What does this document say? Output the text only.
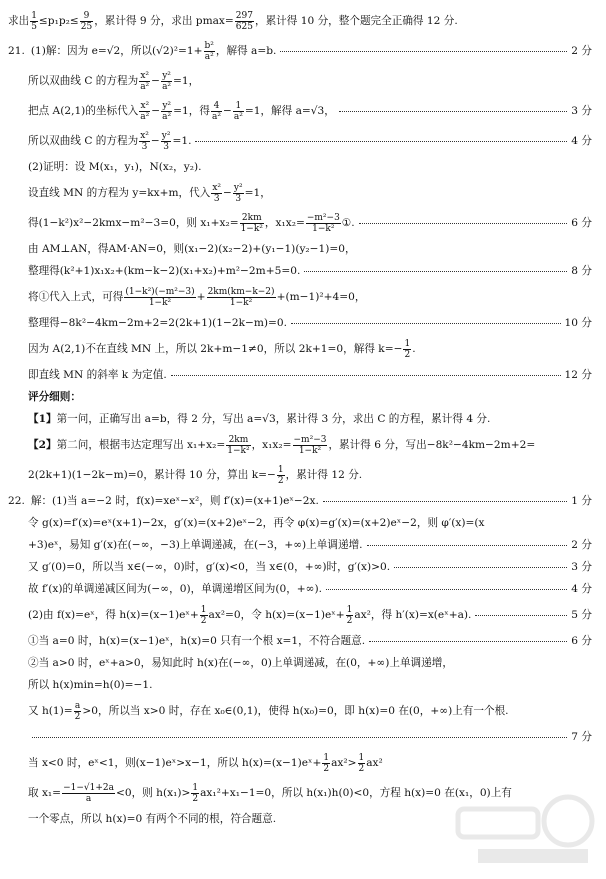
求出 $\frac{1}{5} \le p_1p_2\le \frac{9}{25}$ ，累计得 9 分，求出 p $\max = \frac{297}{625}$ ，累计得 10 分，整个题完全正确得 12 分.
21. (1)解：因为 e=√2，所以$(√2)^2=1+ \frac{\text{b²}}{\text{a²}}$ ，解得 a=b.	2 分
所以双曲线 C 的方程为 $\frac{\text{x²}}{\text{a²}} - \frac{\text{y²}}{\text{a²}} =1$，
把点 A(2,1)的坐标代入 $\frac{\text{x²}}{\text{a²}} - \frac{\text{y²}}{\text{a²}} =1$，得 $\frac{4}{\text{a²}} - \frac{1}{\text{a²}} =1$，解得 a=√3，	3 分
所以双曲线 C 的方程为 $\frac{\text{x²}}{3} - \frac{\text{y²}}{3} =1$.	4 分
(2)证明：设 M(x₁，y₁)，N(x₂，y₂).
设直线 MN 的方程为 y=kx+m，代入 $\frac{\text{x²}}{3} - \frac{\text{y²}}{3} =1$，
得(1−k²)x²−2kmx−m²−3=0，则 $x_1+x_2= \frac{2km}{\text{1−k²}}$ ，$x_1x_2= \frac{\text{−m²−3}}{\text{1−k²}}$ ①.	6 分
由 AM⊥AN，得AM·AN=0，则(x₁−2)(x₂−2)+(y₁−1)(y₂−1)=0，
整理得(k²+1)x₁x₂+(km−k−2)(x₁+x₂)+m²−2m+5=0.	8 分
将①代入上式，可得 $\frac{\text{(1−k²)(−m²−3)}}{\text{1−k²}} + \frac{2km(km-k-2)}{\text{1−k²}} +(m-1)^2+4=0$，
整理得−8k²−4km−2m+2=2(2k+1)(1−2k−m)=0.	10 分
因为 A(2,1)不在直线 MN 上，所以 2k+m−1≠0，所以 2k+1=0，解得 $k=- \frac{1}{2}$ .
即直线 MN 的斜率 k 为定值.	12 分
评分细则：
【1】 第一问，正确写出 a=b，得 2 分，写出 a=√3，累计得 3 分，求出 C 的方程，累计得 4 分.
【2】 第二问，根据韦达定理写出 $x_1+x_2= \frac{2km}{\text{1−k²}}$ ，$x_1x_2= \frac{\text{−m²−3}}{\text{1−k²}}$ ，累计得 6 分，写出−8k²−4km−2m+2=
2(2k+1)(1−2k−m)=0，累计得 10 分，算出 $k=- \frac{1}{2}$ ，累计得 12 分.
22. 解：(1)当 a=−2 时，f(x)=xeˣ−x²，则 f′(x)=(x+1)eˣ−2x.	1 分
令 g(x)=f′(x)=eˣ(x+1)−2x，g′(x)=(x+2)eˣ−2，再令 φ(x)=g′(x)=(x+2)eˣ−2，则 φ′(x)=(x
+3)eˣ，易知 g′(x)在(−∞，−3)上单调递减，在(−3，+∞)上单调递增.	2 分
又 g′(0)=0，所以当 x∈(−∞，0)时，g′(x)<0，当 x∈(0，+∞)时，g′(x)>0.	3 分
故 f′(x)的单调递减区间为(−∞，0)，单调递增区间为(0，+∞).	4 分
(2)由 f(x)=eˣ，得 h(x)=(x−1)eˣ+ $\frac{1}{2} ax^2=0$，令 h(x)=(x−1)eˣ+ $\frac{1}{2} ax^2$，得 h′(x)=x(eˣ+a).	5 分
①当 a=0 时，h(x)=(x−1)eˣ，h(x)=0 只有一个根 x=1，不符合题意.	6 分
②当 a>0 时，eˣ+a>0，易知此时 h(x)在(−∞，0)上单调递减，在(0，+∞)上单调递增，
所以 h(x)min=h(0)=−1.
又 $h(1)= \frac{a}{2} >0$，所以当 x>0 时，存在 x₀∈(0,1)，使得 h(x₀)=0，即 h(x)=0 在(0，+∞)上有一个根.
7 分
当 x<0 时，eˣ<1，则(x−1)eˣ>x−1，所以 h(x)=(x−1)eˣ+ $\frac{1}{2} ax^2> \frac{1}{2} ax^2$
取 $x_1= \frac{-1-√1+2a}{a} <0$，则 $h(x_1)> \frac{1}{2} ax_1^2+x_1-1=0$，所以 h(x₁)h(0)<0，方程 h(x)=0 在(x₁，0)上有
一个零点，所以 h(x)=0 有两个不同的根，符合题意.
